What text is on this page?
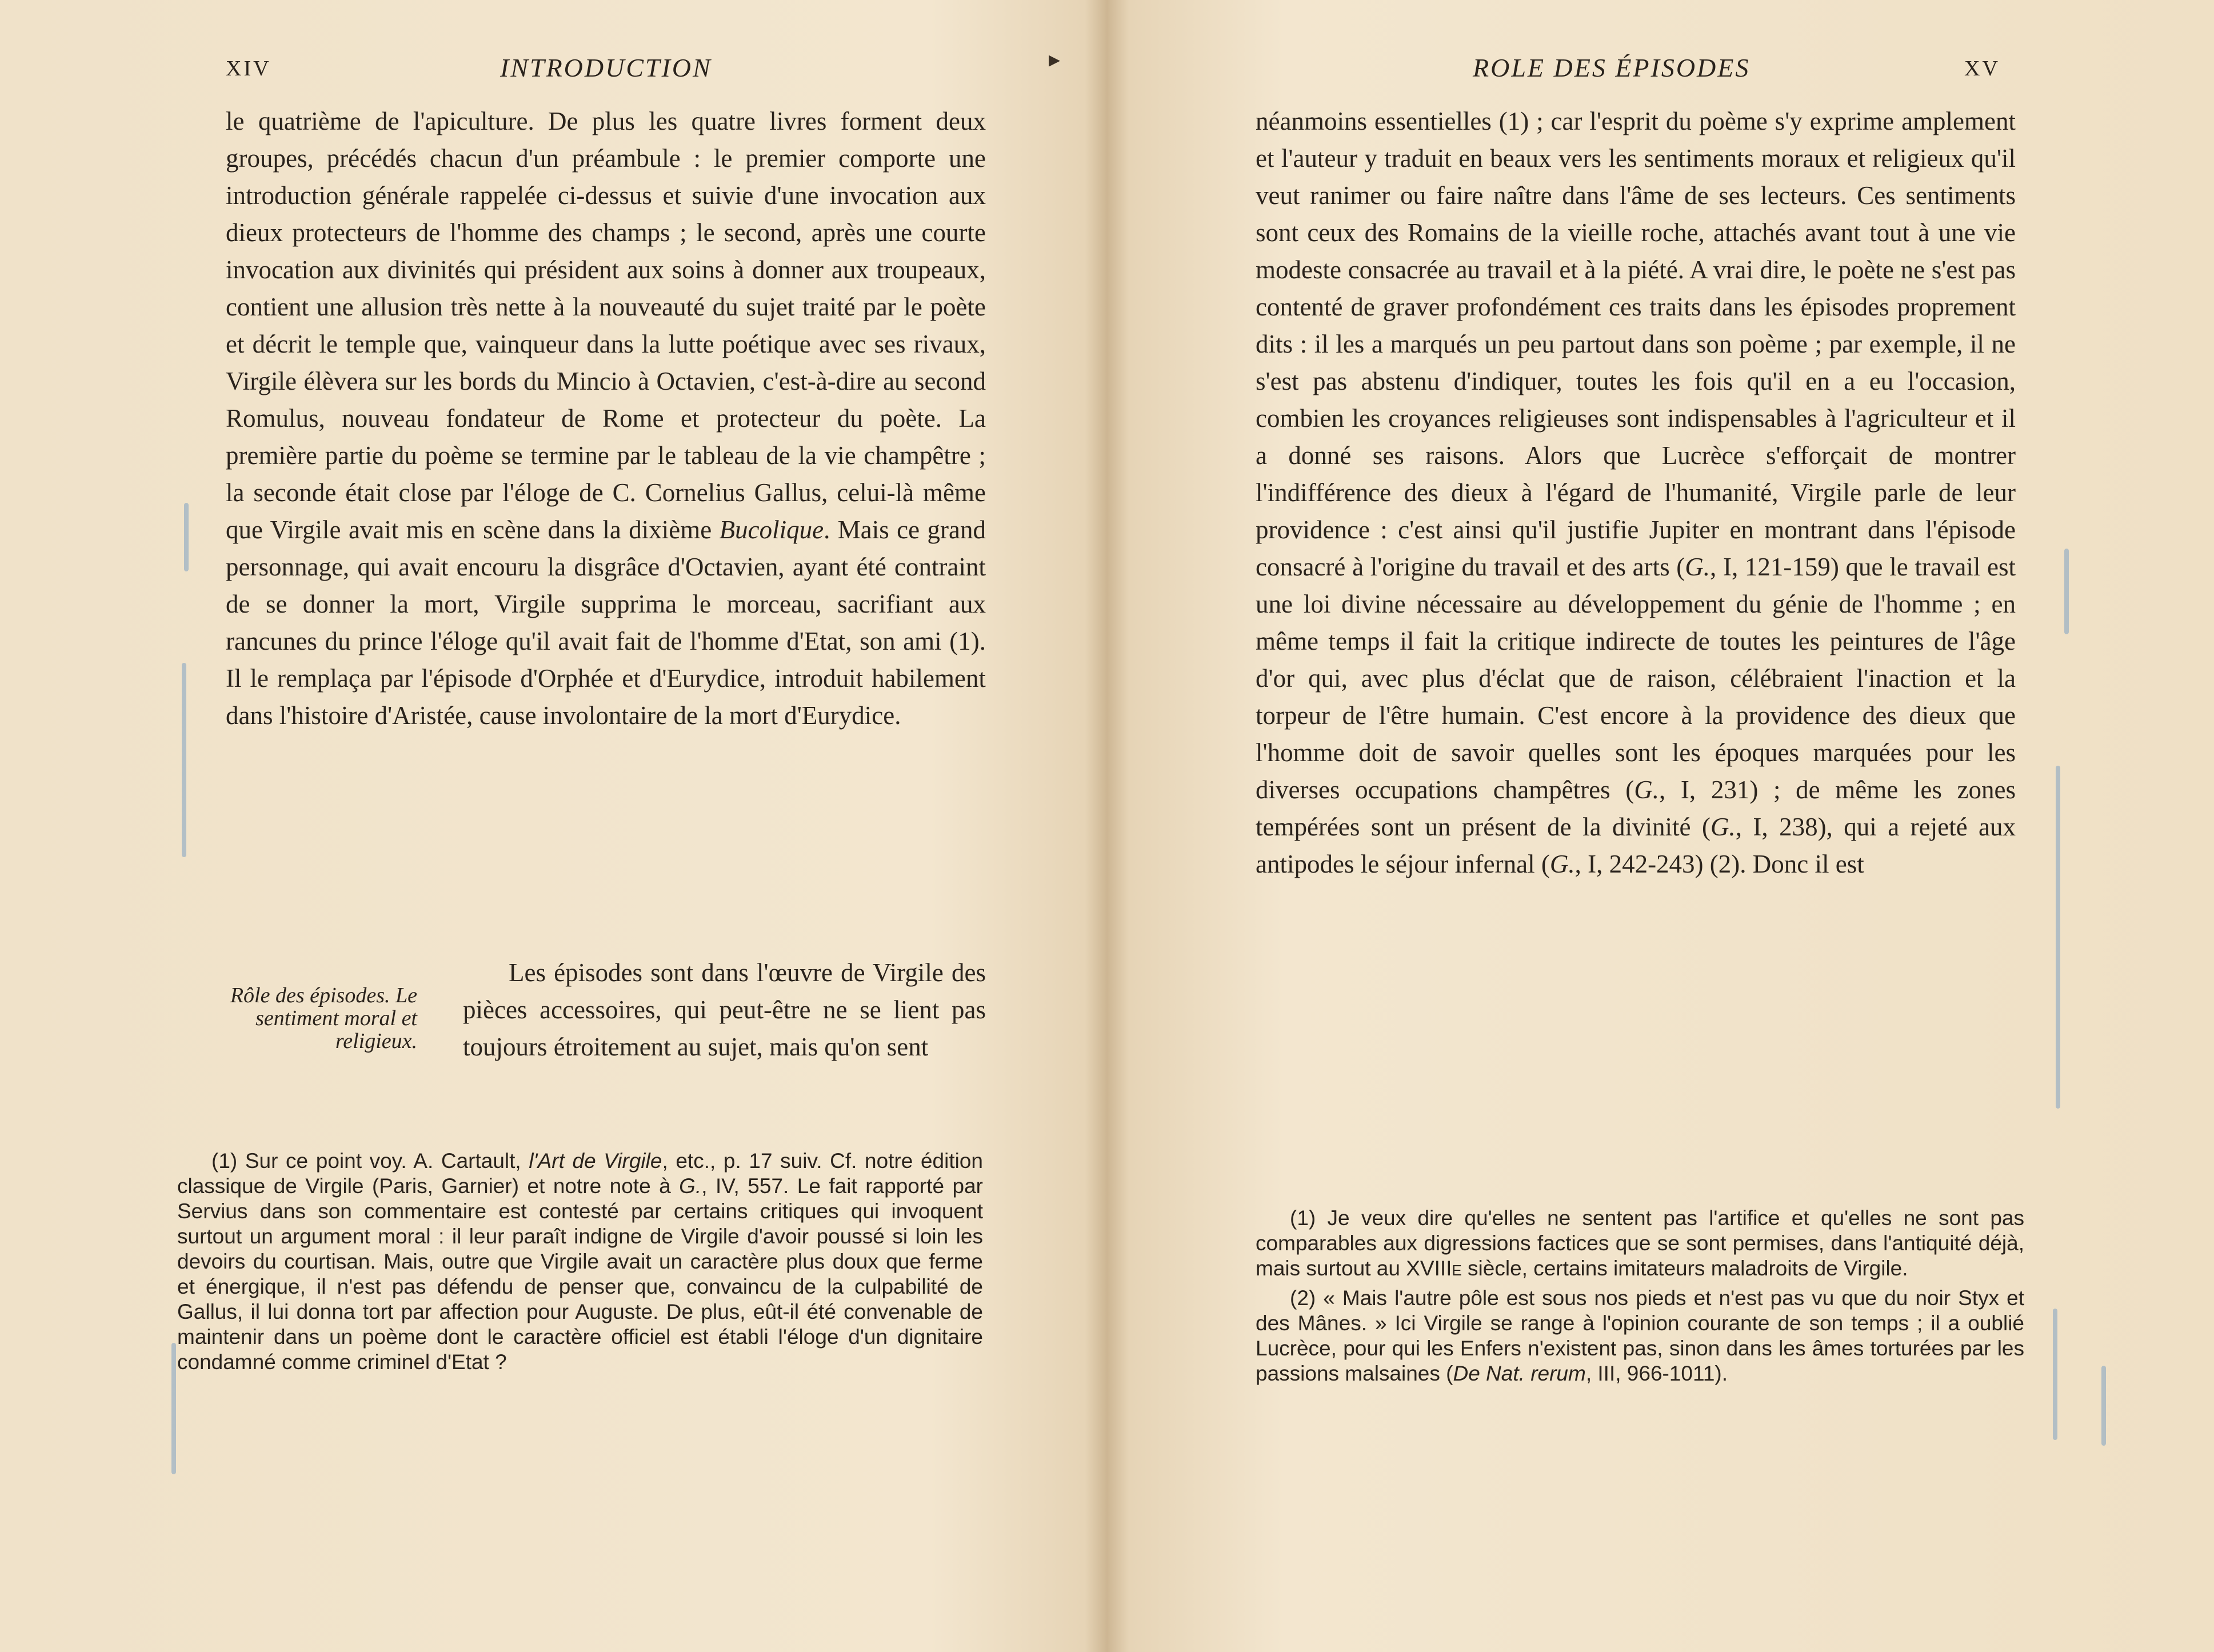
XIV	INTRODUCTION

le quatrième de l'apiculture. De plus les quatre livres forment deux groupes, précédés chacun d'un préambule : le premier comporte une introduction générale rappelée ci-dessus et suivie d'une invocation aux dieux protecteurs de l'homme des champs ; le second, après une courte invocation aux divinités qui président aux soins à donner aux troupeaux, contient une allusion très nette à la nouveauté du sujet traité par le poète et décrit le temple que, vainqueur dans la lutte poétique avec ses rivaux, Virgile élèvera sur les bords du Mincio à Octavien, c'est-à-dire au second Romulus, nouveau fondateur de Rome et protecteur du poète. La première partie du poème se termine par le tableau de la vie champêtre ; la seconde était close par l'éloge de C. Cornelius Gallus, celui-là même que Virgile avait mis en scène dans la dixième Bucolique. Mais ce grand personnage, qui avait encouru la disgrâce d'Octavien, ayant été contraint de se donner la mort, Virgile supprima le morceau, sacrifiant aux rancunes du prince l'éloge qu'il avait fait de l'homme d'Etat, son ami (1). Il le remplaça par l'épisode d'Orphée et d'Eurydice, introduit habilement dans l'histoire d'Aristée, cause involontaire de la mort d'Eurydice.

Rôle des épisodes. Le sentiment moral et religieux.
Les épisodes sont dans l'œuvre de Virgile des pièces accessoires, qui peut-être ne se lient pas toujours étroitement au sujet, mais qu'on sent

(1) Sur ce point voy. A. Cartault, l'Art de Virgile, etc., p. 17 suiv. Cf. notre édition classique de Virgile (Paris, Garnier) et notre note à G., IV, 557. Le fait rapporté par Servius dans son commentaire est contesté par certains critiques qui invoquent surtout un argument moral : il leur paraît indigne de Virgile d'avoir poussé si loin les devoirs du courtisan. Mais, outre que Virgile avait un caractère plus doux que ferme et énergique, il n'est pas défendu de penser que, convaincu de la culpabilité de Gallus, il lui donna tort par affection pour Auguste. De plus, eût-il été convenable de maintenir dans un poème dont le caractère officiel est établi l'éloge d'un dignitaire condamné comme criminel d'Etat ?

ROLE DES ÉPISODES	XV

néanmoins essentielles (1) ; car l'esprit du poème s'y exprime amplement et l'auteur y traduit en beaux vers les sentiments moraux et religieux qu'il veut ranimer ou faire naître dans l'âme de ses lecteurs. Ces sentiments sont ceux des Romains de la vieille roche, attachés avant tout à une vie modeste consacrée au travail et à la piété. A vrai dire, le poète ne s'est pas contenté de graver profondément ces traits dans les épisodes proprement dits : il les a marqués un peu partout dans son poème ; par exemple, il ne s'est pas abstenu d'indiquer, toutes les fois qu'il en a eu l'occasion, combien les croyances religieuses sont indispensables à l'agriculteur et il a donné ses raisons. Alors que Lucrèce s'efforçait de montrer l'indifférence des dieux à l'égard de l'humanité, Virgile parle de leur providence : c'est ainsi qu'il justifie Jupiter en montrant dans l'épisode consacré à l'origine du travail et des arts (G., I, 121-159) que le travail est une loi divine nécessaire au développement du génie de l'homme ; en même temps il fait la critique indirecte de toutes les peintures de l'âge d'or qui, avec plus d'éclat que de raison, célébraient l'inaction et la torpeur de l'être humain. C'est encore à la providence des dieux que l'homme doit de savoir quelles sont les époques marquées pour les diverses occupations champêtres (G., I, 231) ; de même les zones tempérées sont un présent de la divinité (G., I, 238), qui a rejeté aux antipodes le séjour infernal (G., I, 242-243) (2). Donc il est

(1) Je veux dire qu'elles ne sentent pas l'artifice et qu'elles ne sont pas comparables aux digressions factices que se sont permises, dans l'antiquité déjà, mais surtout au XVIIIe siècle, certains imitateurs maladroits de Virgile.

(2) « Mais l'autre pôle est sous nos pieds et n'est pas vu que du noir Styx et des Mânes. » Ici Virgile se range à l'opinion courante de son temps ; il a oublié Lucrèce, pour qui les Enfers n'existent pas, sinon dans les âmes torturées par les passions malsaines (De Nat. rerum, III, 966-1011).

▸
